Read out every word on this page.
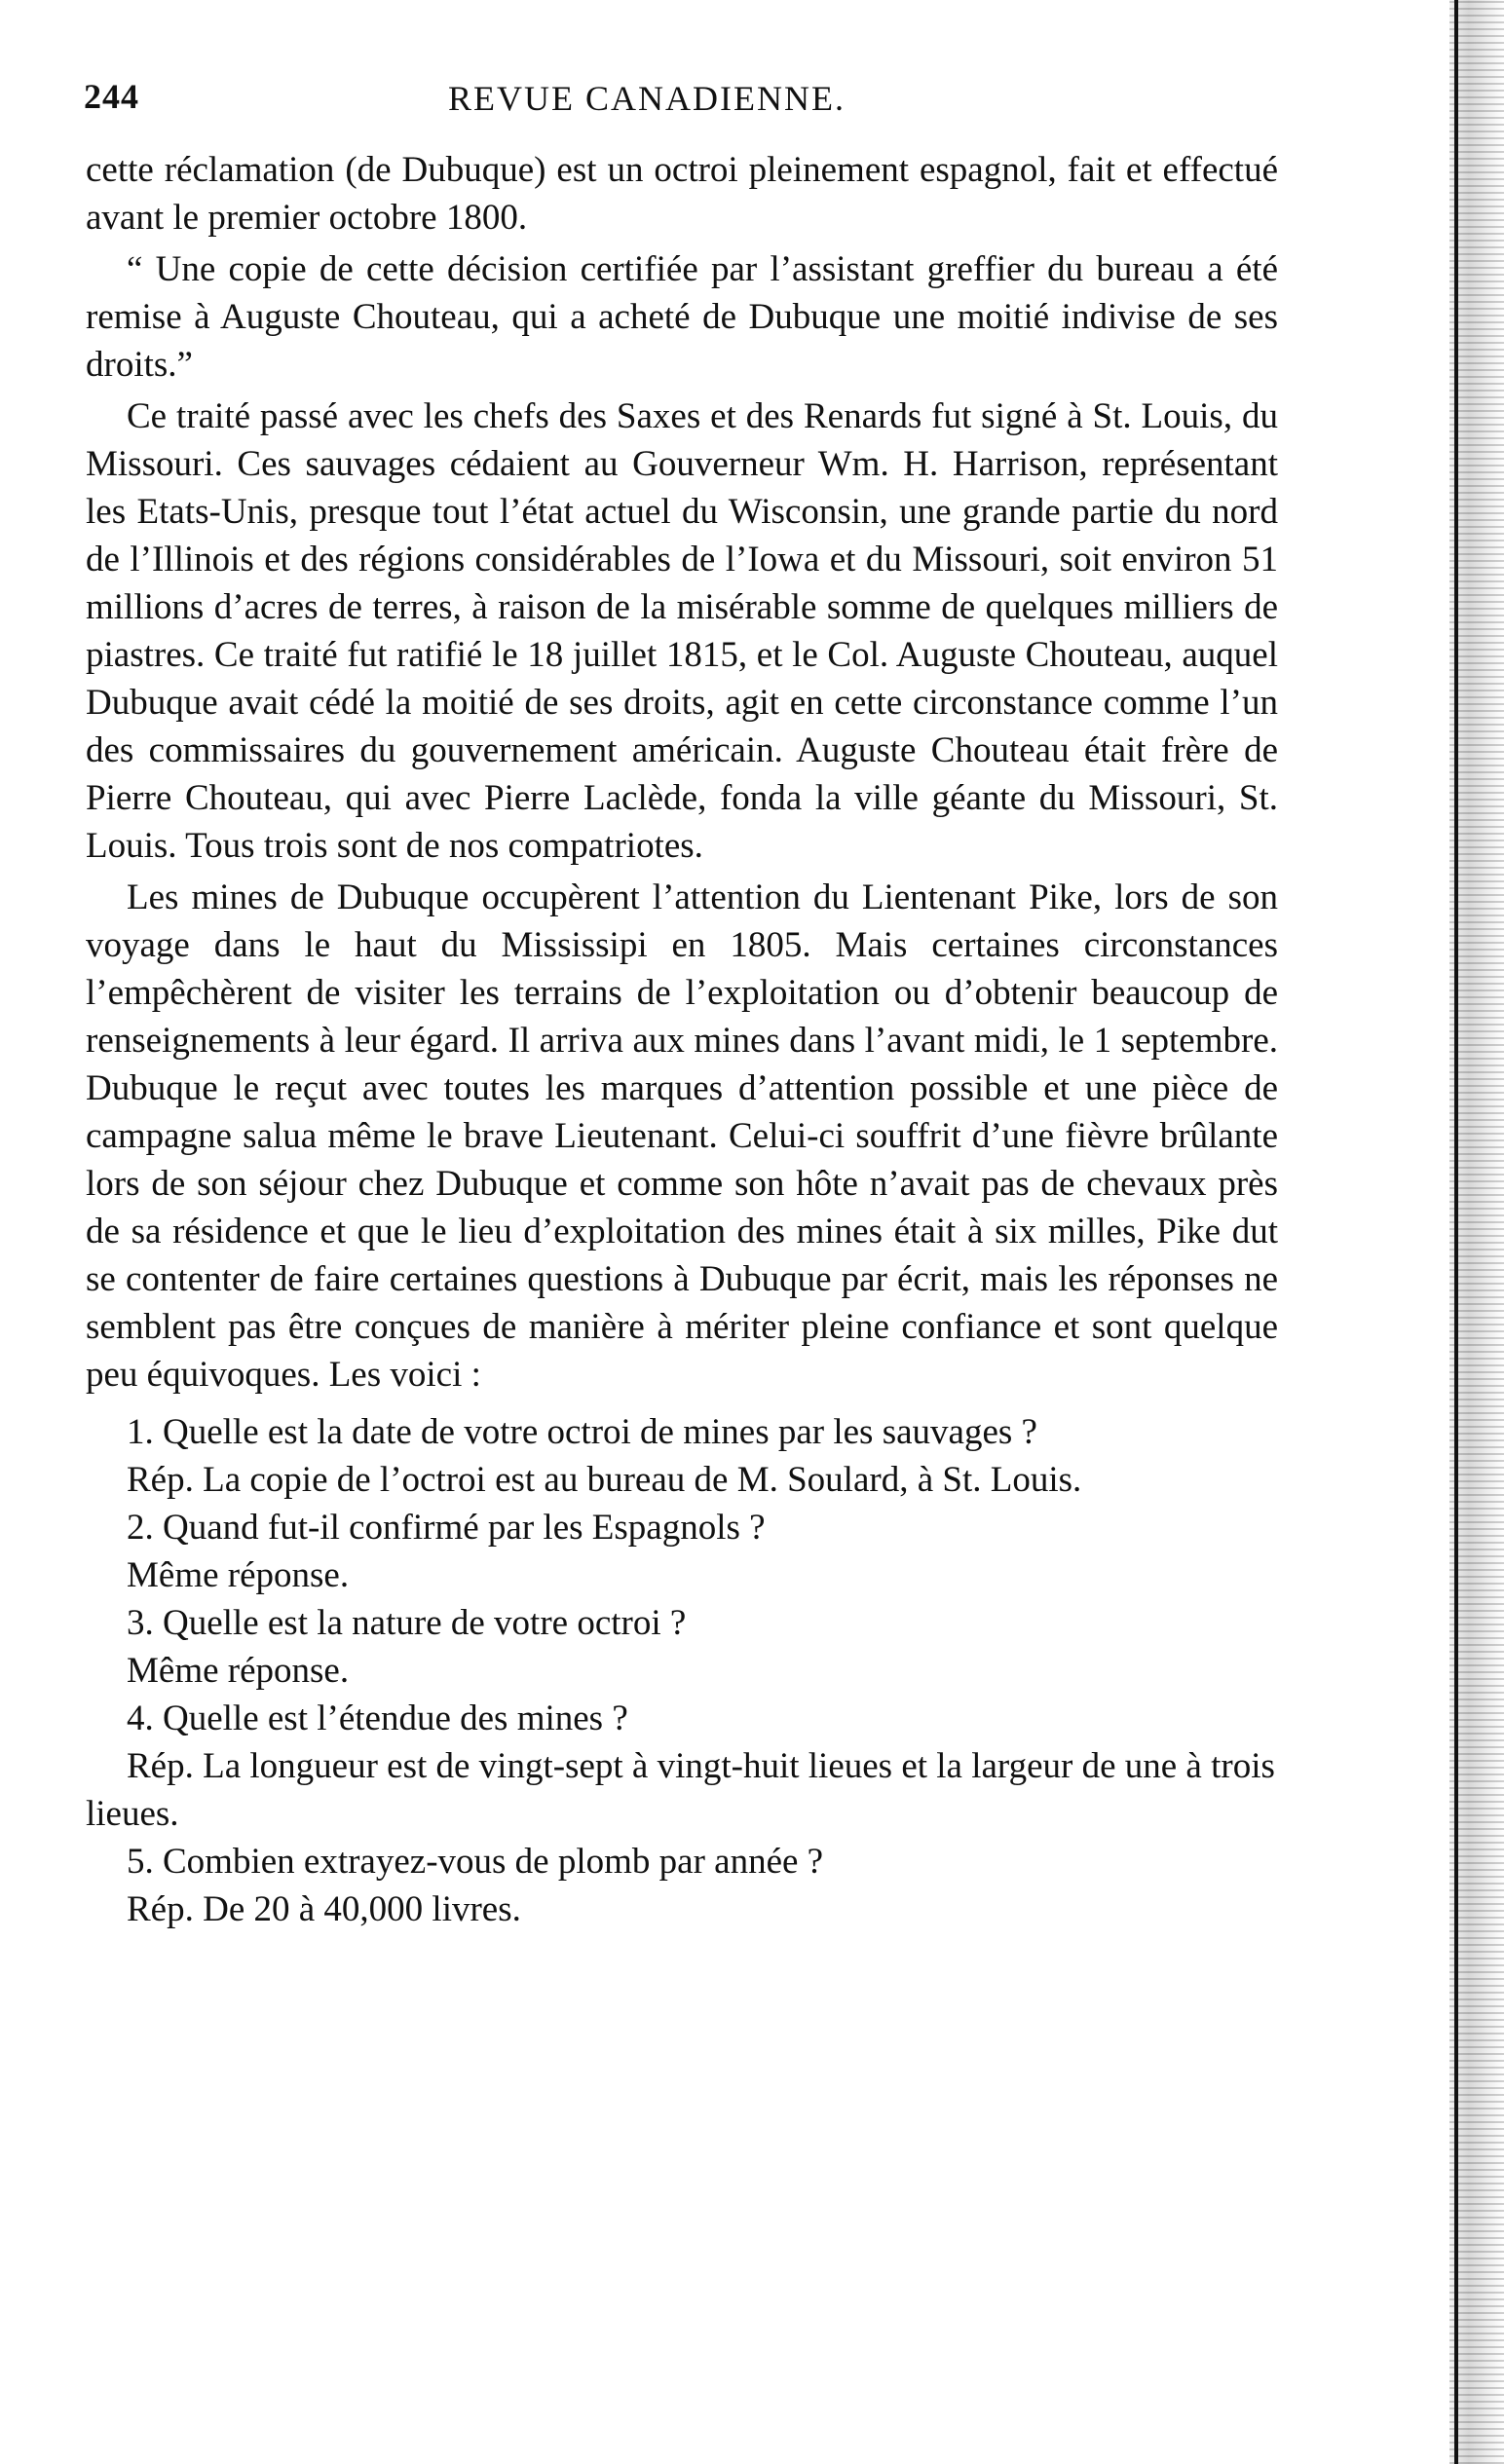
244	REVUE CANADIENNE.

cette réclamation (de Dubuque) est un octroi pleinement espagnol, fait et effectué avant le premier octobre 1800.

“ Une copie de cette décision certifiée par l’assistant greffier du bureau a été remise à Auguste Chouteau, qui a acheté de Dubuque une moitié indivise de ses droits.”

Ce traité passé avec les chefs des Saxes et des Renards fut signé à St. Louis, du Missouri. Ces sauvages cédaient au Gouverneur Wm. H. Harrison, représentant les Etats-Unis, presque tout l’état actuel du Wisconsin, une grande partie du nord de l’Illinois et des régions considérables de l’Iowa et du Missouri, soit environ 51 millions d’acres de terres, à raison de la misérable somme de quelques milliers de piastres. Ce traité fut ratifié le 18 juillet 1815, et le Col. Auguste Chouteau, auquel Dubuque avait cédé la moitié de ses droits, agit en cette circonstance comme l’un des commissaires du gouvernement américain. Auguste Chouteau était frère de Pierre Chouteau, qui avec Pierre Laclède, fonda la ville géante du Missouri, St. Louis. Tous trois sont de nos compatriotes.

Les mines de Dubuque occupèrent l’attention du Lientenant Pike, lors de son voyage dans le haut du Mississipi en 1805. Mais certaines circonstances l’empêchèrent de visiter les terrains de l’exploitation ou d’obtenir beaucoup de renseignements à leur égard. Il arriva aux mines dans l’avant midi, le 1 septembre. Dubuque le reçut avec toutes les marques d’attention possible et une pièce de campagne salua même le brave Lieutenant. Celui-ci souffrit d’une fièvre brûlante lors de son séjour chez Dubuque et comme son hôte n’avait pas de chevaux près de sa résidence et que le lieu d’exploitation des mines était à six milles, Pike dut se contenter de faire certaines questions à Dubuque par écrit, mais les réponses ne semblent pas être conçues de manière à mériter pleine confiance et sont quelque peu équivoques. Les voici :

1. Quelle est la date de votre octroi de mines par les sauvages ?

Rép. La copie de l’octroi est au bureau de M. Soulard, à St. Louis.

2. Quand fut-il confirmé par les Espagnols ?

Même réponse.

3. Quelle est la nature de votre octroi ?

Même réponse.

4. Quelle est l’étendue des mines ?

Rép. La longueur est de vingt-sept à vingt-huit lieues et la largeur de une à trois lieues.

5. Combien extrayez-vous de plomb par année ?

Rép. De 20 à 40,000 livres.
